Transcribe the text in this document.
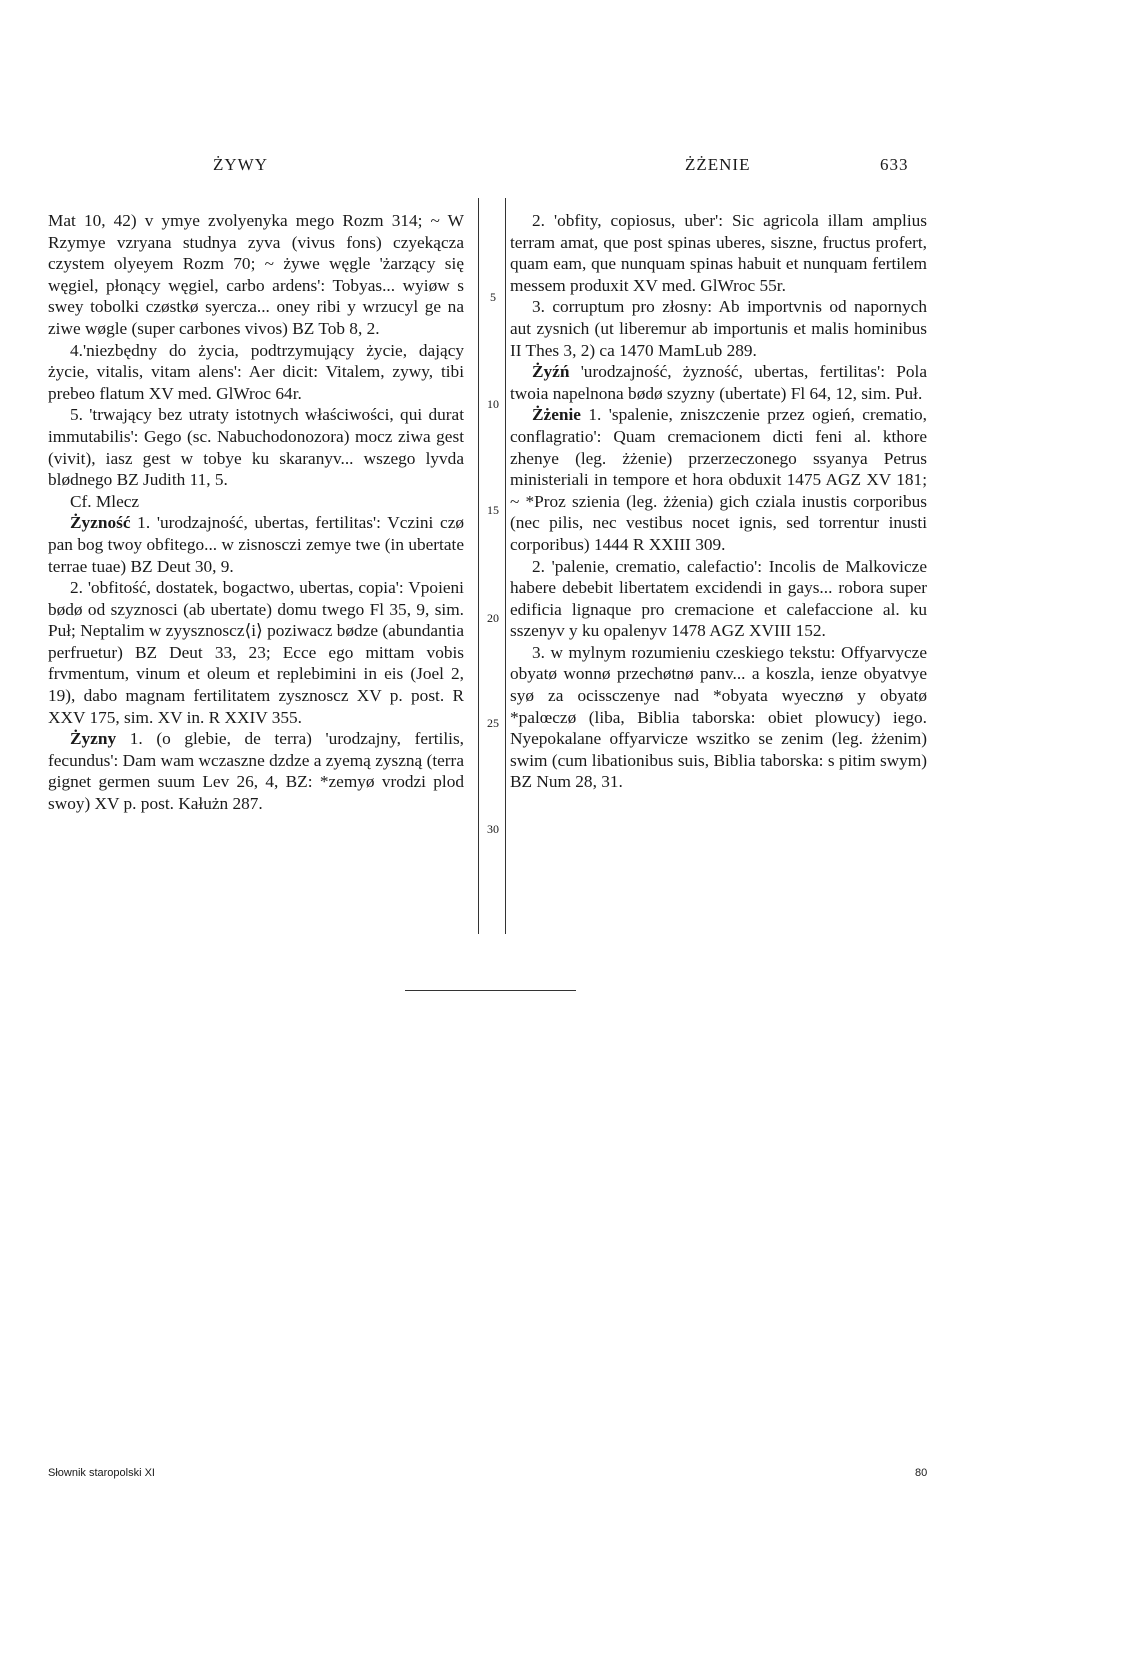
ŻYWY	ŻŻENIE	633
5
10
15
20
25
30

Mat 10, 42) v ymye zvolyenyka mego Rozm 314; ~ W Rzymye vzryana studnya zyva (vivus fons) czyekącza czystem olyeyem Rozm 70; ~ żywe węgle 'żarzący się węgiel, płonący węgiel, carbo ardens': Tobyas... wyiøw s swey tobolki czøstkø syercza... oney ribi y wrzucyl ge na ziwe wøgle (super carbones vivos) BZ Tob 8, 2.

4.'niezbędny do życia, podtrzymujący życie, dający życie, vitalis, vitam alens': Aer dicit: Vitalem, zywy, tibi prebeo flatum XV med. GlWroc 64r.

5. 'trwający bez utraty istotnych właściwości, qui durat immutabilis': Gego (sc. Nabuchodonozora) mocz ziwa gest (vivit), iasz gest w tobye ku skaranyv... wszego lyvda blødnego BZ Judith 11, 5.

Cf. Mlecz

Żyzność 1. 'urodzajność, ubertas, fertilitas': Vczini czø pan bog twoy obfitego... w zisnosczi zemye twe (in ubertate terrae tuae) BZ Deut 30, 9.

2. 'obfitość, dostatek, bogactwo, ubertas, copia': Vpoieni bødø od szyznosci (ab ubertate) domu twego Fl 35, 9, sim. Puł; Neptalim w zyysznoscz⟨i⟩ poziwacz bødze (abundantia perfruetur) BZ Deut 33, 23; Ecce ego mittam vobis frvmentum, vinum et oleum et replebimini in eis (Joel 2, 19), dabo magnam fertilitatem zysznoscz XV p. post. R XXV 175, sim. XV in. R XXIV 355.

Żyzny 1. (o glebie, de terra) 'urodzajny, fertilis, fecundus': Dam wam wczaszne dzdze a zyemą zyszną (terra gignet germen suum Lev 26, 4, BZ: *zemyø vrodzi plod swoy) XV p. post. Kałużn 287.

2. 'obfity, copiosus, uber': Sic agricola illam amplius terram amat, que post spinas uberes, siszne, fructus profert, quam eam, que nunquam spinas habuit et nunquam fertilem messem produxit XV med. GlWroc 55r.

3. corruptum pro złosny: Ab importvnis od napornych aut zysnich (ut liberemur ab importunis et malis hominibus II Thes 3, 2) ca 1470 MamLub 289.

Żyźń 'urodzajność, żyzność, ubertas, fertilitas': Pola twoia napelnona bødø szyzny (ubertate) Fl 64, 12, sim. Puł.

Żżenie 1. 'spalenie, zniszczenie przez ogień, crematio, conflagratio': Quam cremacionem dicti feni al. kthore zhenye (leg. żżenie) przerzeczonego ssyanya Petrus ministeriali in tempore et hora obduxit 1475 AGZ XV 181; ~ *Proz szienia (leg. żżenia) gich cziala inustis corporibus (nec pilis, nec vestibus nocet ignis, sed torrentur inusti corporibus) 1444 R XXIII 309.

2. 'palenie, crematio, calefactio': Incolis de Malkovicze habere debebit libertatem excidendi in gays... robora super edificia lignaque pro cremacione et calefaccione al. ku sszenyv y ku opalenyv 1478 AGZ XVIII 152.

3. w mylnym rozumieniu czeskiego tekstu: Offyarvycze obyatø wonnø przechøtnø panv... a koszla, ienze obyatvye syø za ocissczenye nad *obyata wyecznø y obyatø *palœczø (liba, Biblia taborska: obiet plowucy) iego. Nyepokalane offyarvicze wszitko se zenim (leg. żżenim) swim (cum libationibus suis, Biblia taborska: s pitim swym) BZ Num 28, 31.

Słownik staropolski XI	80
